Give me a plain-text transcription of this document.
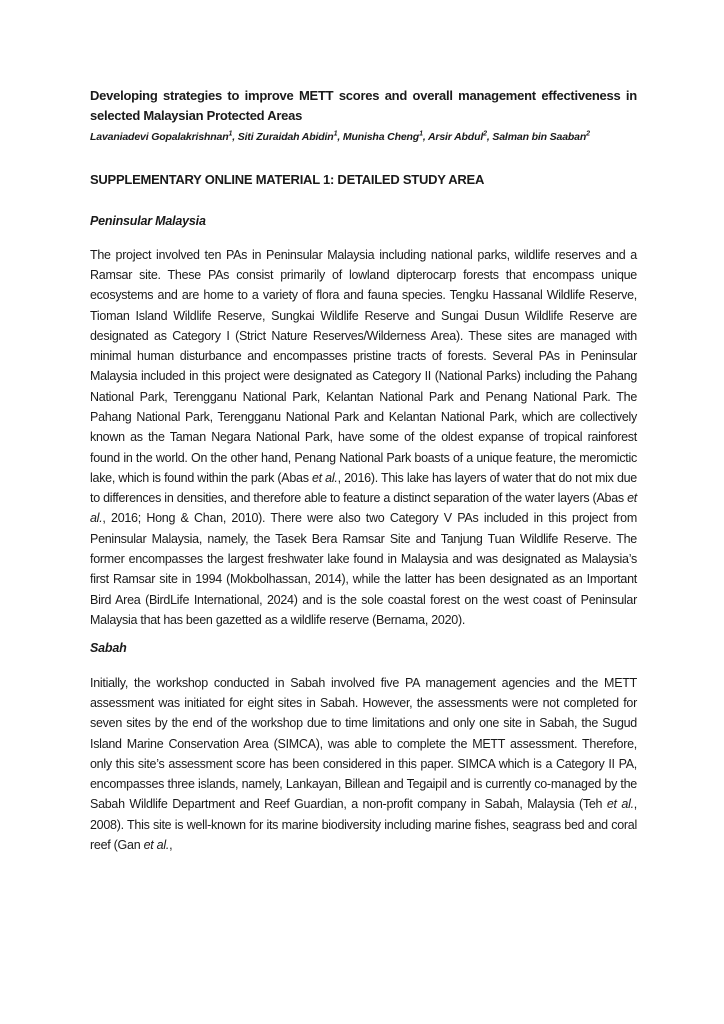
Developing strategies to improve METT scores and overall management effectiveness in selected Malaysian Protected Areas

Lavaniadevi Gopalakrishnan$^1$, Siti Zuraidah Abidin$^1$, Munisha Cheng$^1$, Arsir Abdul$^2$, Salman bin Saaban$^2$

SUPPLEMENTARY ONLINE MATERIAL 1: DETAILED STUDY AREA
Peninsular Malaysia

The project involved ten PAs in Peninsular Malaysia including national parks, wildlife reserves and a Ramsar site. These PAs consist primarily of lowland dipterocarp forests that encompass unique ecosystems and are home to a variety of flora and fauna species. Tengku Hassanal Wildlife Reserve, Tioman Island Wildlife Reserve, Sungkai Wildlife Reserve and Sungai Dusun Wildlife Reserve are designated as Category I (Strict Nature Reserves/Wilderness Area). These sites are managed with minimal human disturbance and encompasses pristine tracts of forests. Several PAs in Peninsular Malaysia included in this project were designated as Category II (National Parks) including the Pahang National Park, Terengganu National Park, Kelantan National Park and Penang National Park. The Pahang National Park, Terengganu National Park and Kelantan National Park, which are collectively known as the Taman Negara National Park, have some of the oldest expanse of tropical rainforest found in the world. On the other hand, Penang National Park boasts of a unique feature, the meromictic lake, which is found within the park (Abas et al., 2016). This lake has layers of water that do not mix due to differences in densities, and therefore able to feature a distinct separation of the water layers (Abas et al., 2016; Hong & Chan, 2010). There were also two Category V PAs included in this project from Peninsular Malaysia, namely, the Tasek Bera Ramsar Site and Tanjung Tuan Wildlife Reserve. The former encompasses the largest freshwater lake found in Malaysia and was designated as Malaysia’s first Ramsar site in 1994 (Mokbolhassan, 2014), while the latter has been designated as an Important Bird Area (BirdLife International, 2024) and is the sole coastal forest on the west coast of Peninsular Malaysia that has been gazetted as a wildlife reserve (Bernama, 2020).

Sabah

Initially, the workshop conducted in Sabah involved five PA management agencies and the METT assessment was initiated for eight sites in Sabah. However, the assessments were not completed for seven sites by the end of the workshop due to time limitations and only one site in Sabah, the Sugud Island Marine Conservation Area (SIMCA), was able to complete the METT assessment. Therefore, only this site’s assessment score has been considered in this paper. SIMCA which is a Category II PA, encompasses three islands, namely, Lankayan, Billean and Tegaipil and is currently co-managed by the Sabah Wildlife Department and Reef Guardian, a non-profit company in Sabah, Malaysia (Teh et al., 2008). This site is well-known for its marine biodiversity including marine fishes, seagrass bed and coral reef (Gan et al.,
